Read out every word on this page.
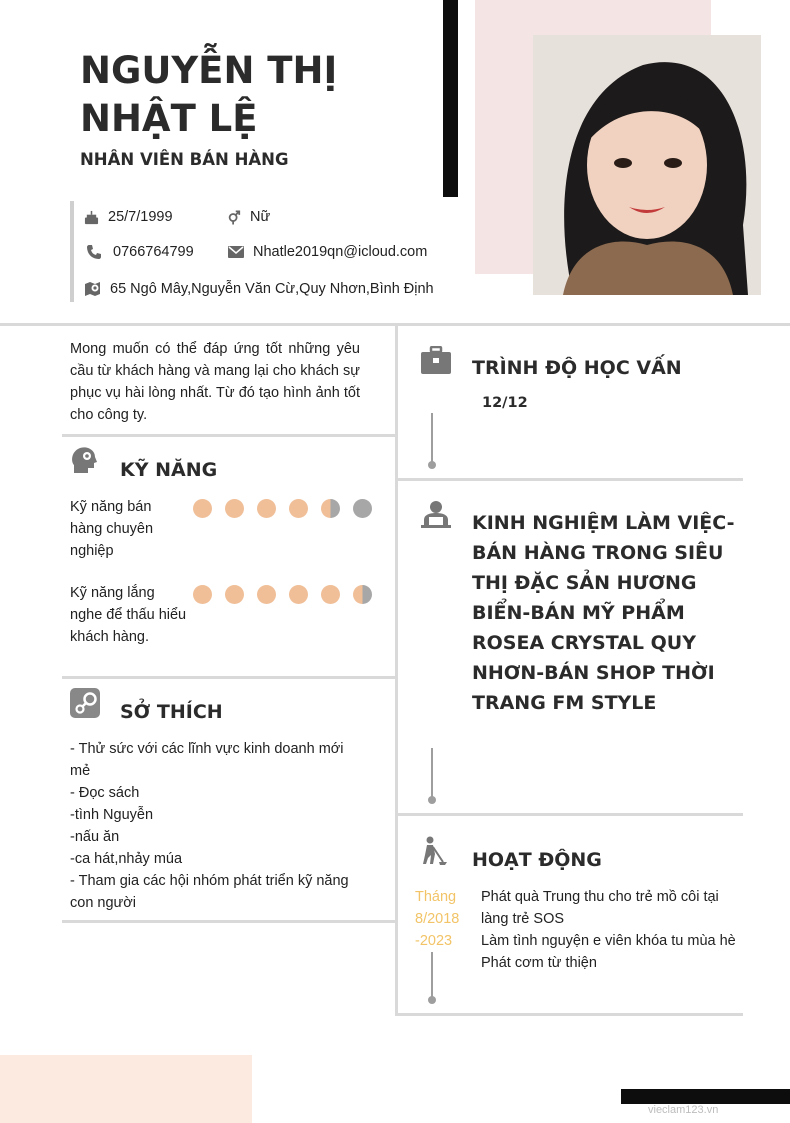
vieclam123.vn
NGUYỄN THỊ
NHẬT LỆ
NHÂN VIÊN BÁN HÀNG
25/7/1999	Nữ
0766764799	Nhatle2019qn@icloud.com
65 Ngô Mây,Nguyễn Văn Cừ,Quy Nhơn,Bình Định
Mong muốn có thể đáp ứng tốt những yêu cầu từ khách hàng và mang lại cho khách sự phục vụ hài lòng nhất. Từ đó tạo hình ảnh tốt cho công ty.
KỸ NĂNG
Kỹ năng bán hàng chuyên nghiệp
Kỹ năng lắng nghe để thấu hiểu khách hàng.
SỞ THÍCH
- Thử sức với các lĩnh vực kinh doanh mới mẻ
- Đọc sách
-tình Nguyễn
-nấu ăn
-ca hát,nhảy múa
- Tham gia các hội nhóm phát triển kỹ năng con người
TRÌNH ĐỘ HỌC VẤN
12/12
KINH NGHIỆM LÀM VIỆC-BÁN HÀNG TRONG SIÊU THỊ ĐẶC SẢN HƯƠNG BIỂN-BÁN MỸ PHẨM ROSEA CRYSTAL QUY NHƠN-BÁN SHOP THỜI TRANG FM STYLE
HOẠT ĐỘNG
Tháng 8/2018 -2023
Phát quà Trung thu cho trẻ mồ côi tại làng trẻ SOS
Làm tình nguyện e viên khóa tu mùa hè
Phát cơm từ thiện
